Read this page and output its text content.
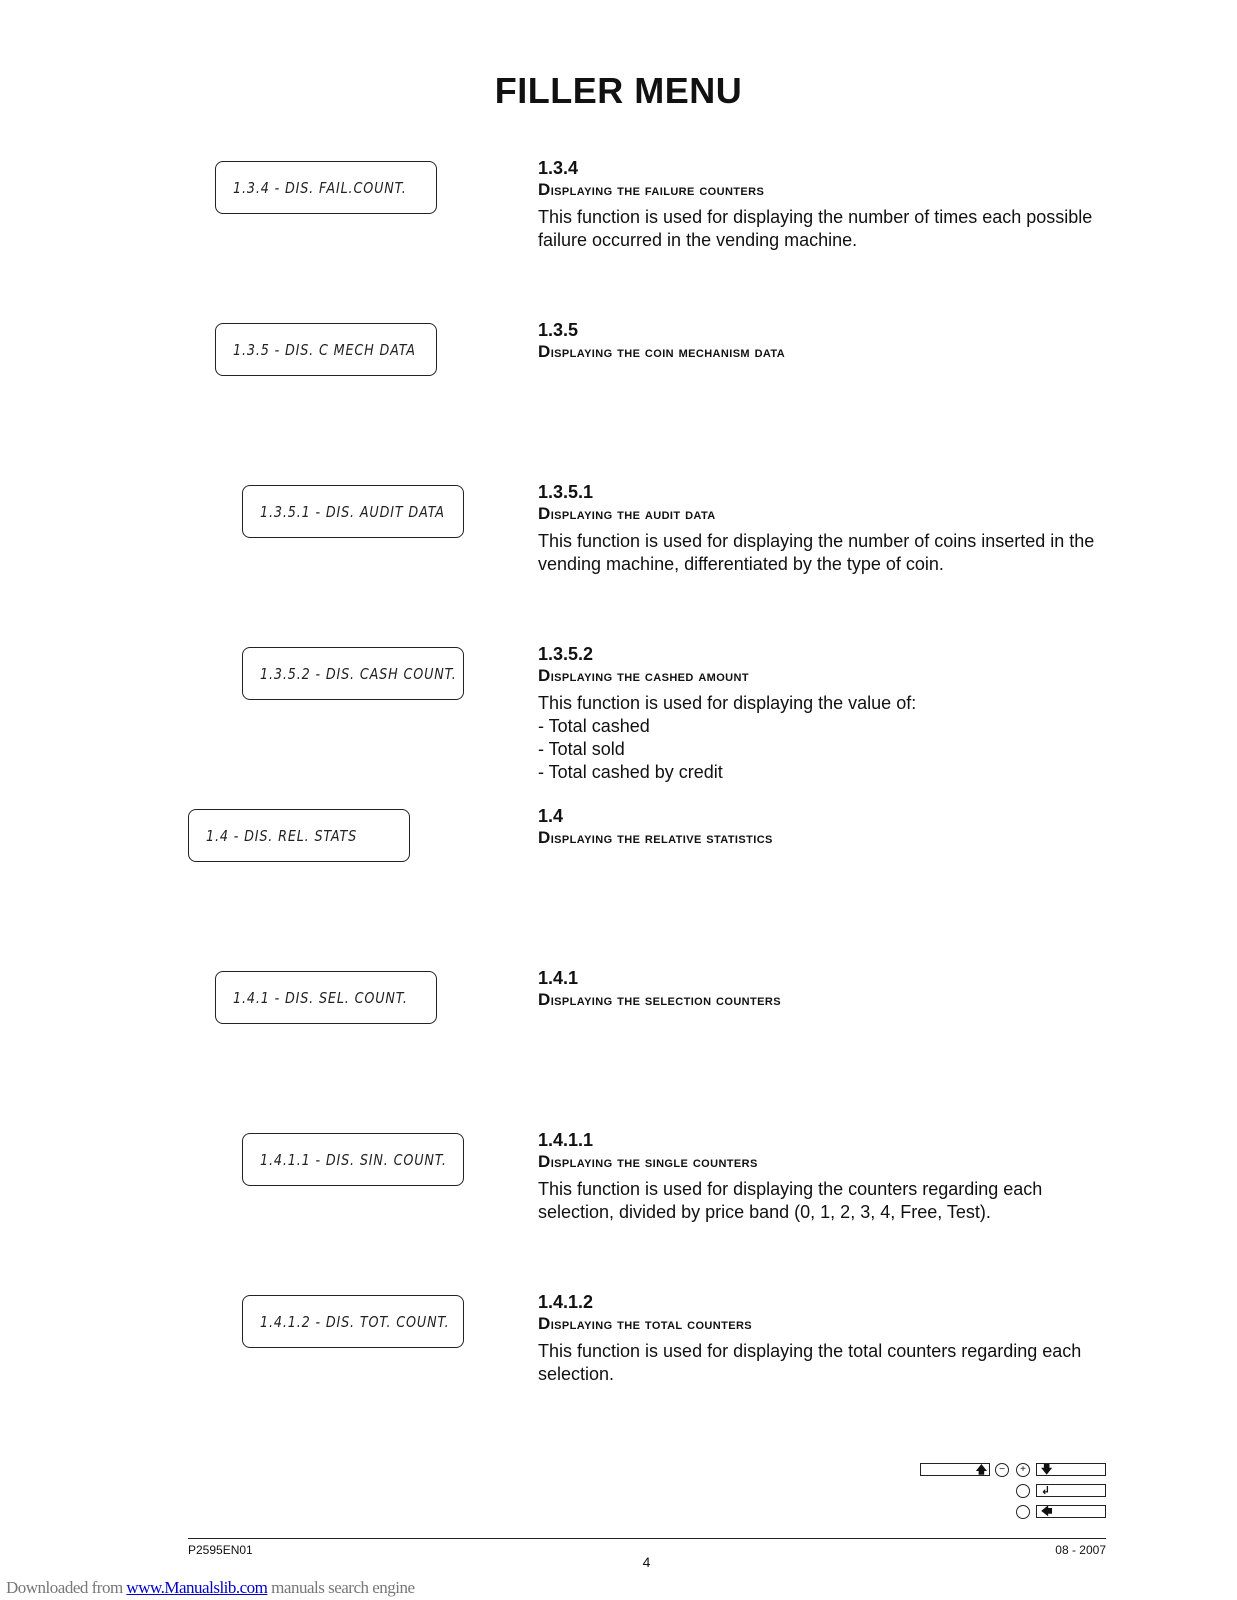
FILLER MENU
1.3.4 - DIS. FAIL.COUNT.

1.3.4

Displaying the failure counters

This function is used for displaying the number of times each possible failure occurred in the vending machine.

1.3.5 - DIS. C MECH DATA

1.3.5

Displaying the coin mechanism data

1.3.5.1 - DIS. AUDIT DATA

1.3.5.1

Displaying the audit data

This function is used for displaying the number of coins inserted in the vending machine, differentiated by the type of coin.

1.3.5.2 - DIS. CASH COUNT.

1.3.5.2

Displaying the cashed amount

This function is used for displaying the value of:

- Total cashed
- Total sold
- Total cashed by credit
1.4 - DIS. REL. STATS

1.4

Displaying the relative statistics

1.4.1 - DIS. SEL. COUNT.

1.4.1

Displaying the selection counters

1.4.1.1 - DIS. SIN. COUNT.

1.4.1.1

Displaying the single counters

This function is used for displaying the counters regarding each selection, divided by price band (0, 1, 2, 3, 4, Free, Test).

1.4.1.2 - DIS. TOT. COUNT.

1.4.1.2

Displaying the total counters

This function is used for displaying the total counters regarding each selection.

🡅	−	+	🡇
↲
🡄
P2595EN01	08 - 2007
4
Downloaded from www.Manualslib.com manuals search engine
